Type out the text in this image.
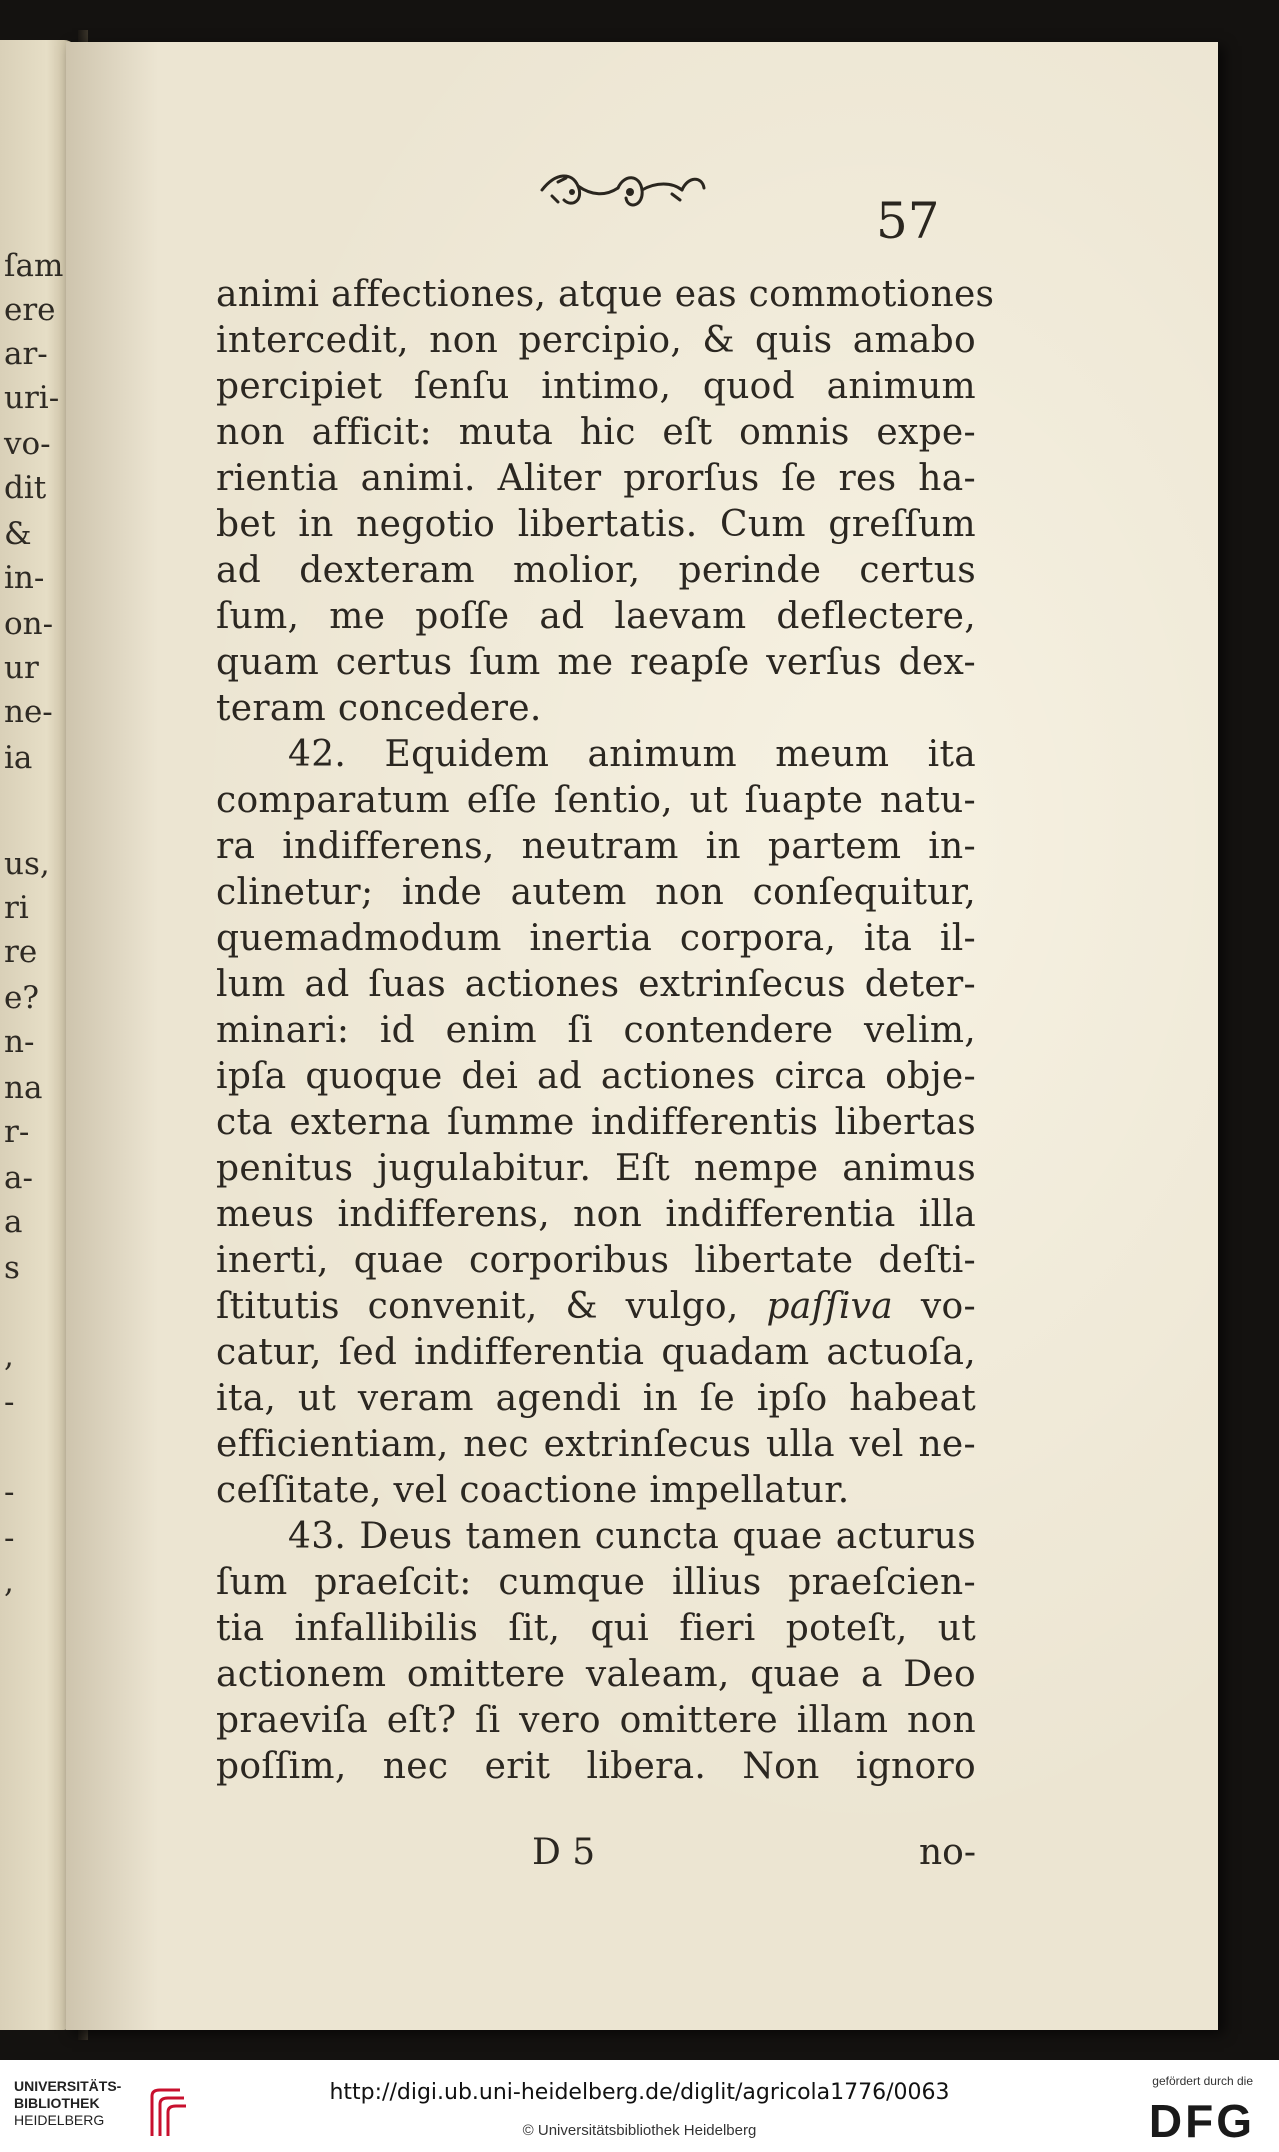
ſam
ere
ar-
uri-
vo-
dit
&
in-
on-
ur
ne-
ia
us,
ri
re
e?
n-
na
r-
a-
a
s
,
-
-
-
,
57
animi affectiones, atque eas commotiones
intercedit, non percipio, & quis amabo
percipiet ſenſu intimo, quod animum
non afficit: muta hic eſt omnis expe-
rientia animi. Aliter prorſus ſe res ha-
bet in negotio libertatis. Cum greſſum
ad dexteram molior, perinde certus
ſum, me poſſe ad laevam deflectere,
quam certus ſum me reapſe verſus dex-
teram concedere.
42. Equidem animum meum ita
comparatum eſſe ſentio, ut ſuapte natu-
ra indifferens, neutram in partem in-
clinetur; inde autem non conſequitur,
quemadmodum inertia corpora, ita il-
lum ad ſuas actiones extrinſecus deter-
minari: id enim ſi contendere velim,
ipſa quoque dei ad actiones circa obje-
cta externa ſumme indifferentis libertas
penitus jugulabitur. Eſt nempe animus
meus indifferens, non indifferentia illa
inerti, quae corporibus libertate deſti-
ſtitutis convenit, & vulgo, paſſiva vo-
catur, ſed indifferentia quadam actuoſa,
ita, ut veram agendi in ſe ipſo habeat
efficientiam, nec extrinſecus ulla vel ne-
ceſſitate, vel coactione impellatur.
43. Deus tamen cuncta quae acturus
ſum praeſcit: cumque illius praeſcien-
tia infallibilis ſit, qui fieri poteſt, ut
actionem omittere valeam, quae a Deo
praeviſa eſt? ſi vero omittere illam non
poſſim, nec erit libera. Non ignoro
D 5	no-
UNIVERSITÄTS-
BIBLIOTHEK
HEIDELBERG
http://digi.ub.uni-heidelberg.de/diglit/agricola1776/0063
© Universitätsbibliothek Heidelberg
gefördert durch die
DFG
